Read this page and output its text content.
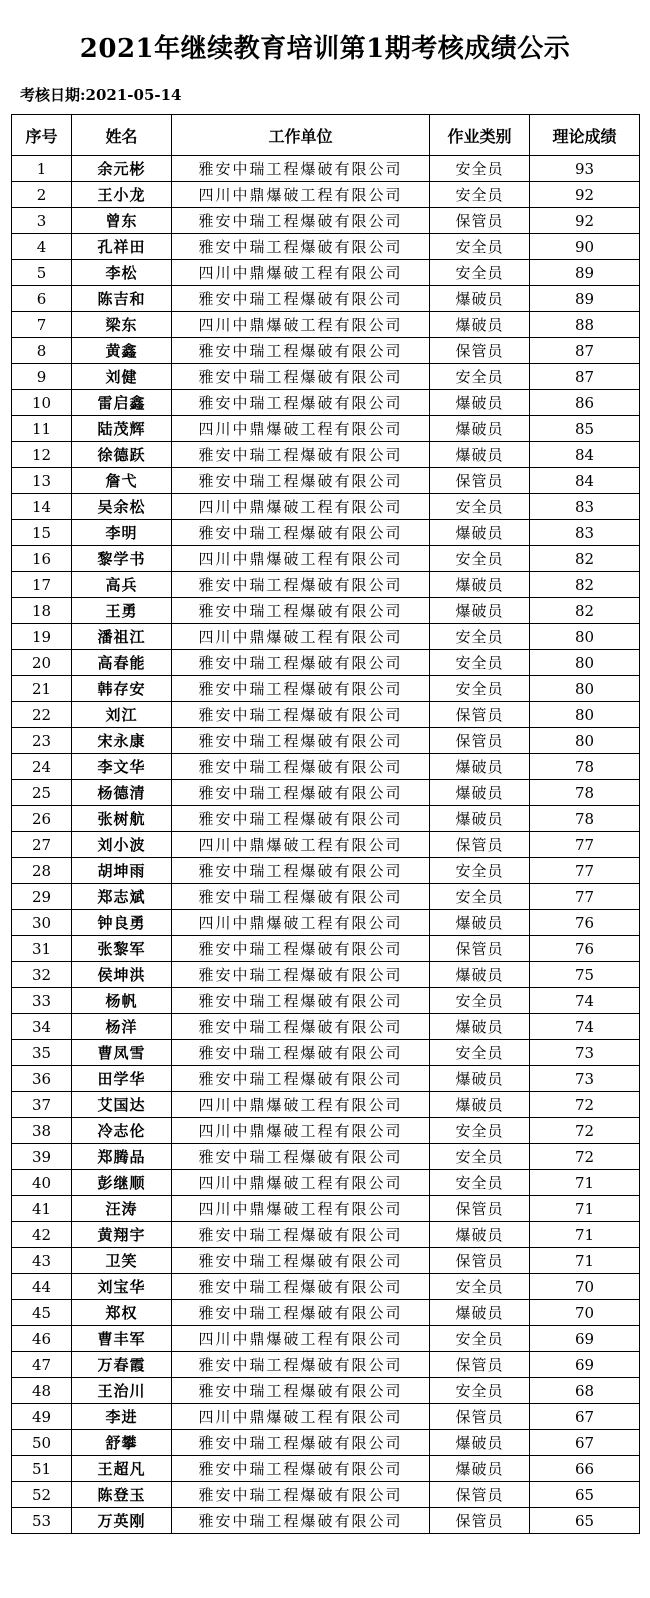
2021年继续教育培训第1期考核成绩公示
考核日期:2021-05-14
序号	姓名	工作单位	作业类别	理论成绩
1	余元彬	雅安中瑞工程爆破有限公司	安全员	93
2	王小龙	四川中鼎爆破工程有限公司	安全员	92
3	曾东	雅安中瑞工程爆破有限公司	保管员	92
4	孔祥田	雅安中瑞工程爆破有限公司	安全员	90
5	李松	四川中鼎爆破工程有限公司	安全员	89
6	陈吉和	雅安中瑞工程爆破有限公司	爆破员	89
7	梁东	四川中鼎爆破工程有限公司	爆破员	88
8	黄鑫	雅安中瑞工程爆破有限公司	保管员	87
9	刘健	雅安中瑞工程爆破有限公司	安全员	87
10	雷启鑫	雅安中瑞工程爆破有限公司	爆破员	86
11	陆茂辉	四川中鼎爆破工程有限公司	爆破员	85
12	徐德跃	雅安中瑞工程爆破有限公司	爆破员	84
13	詹弋	雅安中瑞工程爆破有限公司	保管员	84
14	吴余松	四川中鼎爆破工程有限公司	安全员	83
15	李明	雅安中瑞工程爆破有限公司	爆破员	83
16	黎学书	四川中鼎爆破工程有限公司	安全员	82
17	高兵	雅安中瑞工程爆破有限公司	爆破员	82
18	王勇	雅安中瑞工程爆破有限公司	爆破员	82
19	潘祖江	四川中鼎爆破工程有限公司	安全员	80
20	高春能	雅安中瑞工程爆破有限公司	安全员	80
21	韩存安	雅安中瑞工程爆破有限公司	安全员	80
22	刘江	雅安中瑞工程爆破有限公司	保管员	80
23	宋永康	雅安中瑞工程爆破有限公司	保管员	80
24	李文华	雅安中瑞工程爆破有限公司	爆破员	78
25	杨德清	雅安中瑞工程爆破有限公司	爆破员	78
26	张树航	雅安中瑞工程爆破有限公司	爆破员	78
27	刘小波	四川中鼎爆破工程有限公司	保管员	77
28	胡坤雨	雅安中瑞工程爆破有限公司	安全员	77
29	郑志斌	雅安中瑞工程爆破有限公司	安全员	77
30	钟良勇	四川中鼎爆破工程有限公司	爆破员	76
31	张黎军	雅安中瑞工程爆破有限公司	保管员	76
32	侯坤洪	雅安中瑞工程爆破有限公司	爆破员	75
33	杨帆	雅安中瑞工程爆破有限公司	安全员	74
34	杨洋	雅安中瑞工程爆破有限公司	爆破员	74
35	曹凤雪	雅安中瑞工程爆破有限公司	安全员	73
36	田学华	雅安中瑞工程爆破有限公司	爆破员	73
37	艾国达	四川中鼎爆破工程有限公司	爆破员	72
38	冷志伦	四川中鼎爆破工程有限公司	安全员	72
39	郑腾品	雅安中瑞工程爆破有限公司	安全员	72
40	彭继顺	四川中鼎爆破工程有限公司	安全员	71
41	汪涛	四川中鼎爆破工程有限公司	保管员	71
42	黄翔宇	雅安中瑞工程爆破有限公司	爆破员	71
43	卫笑	雅安中瑞工程爆破有限公司	保管员	71
44	刘宝华	雅安中瑞工程爆破有限公司	安全员	70
45	郑权	雅安中瑞工程爆破有限公司	爆破员	70
46	曹丰军	四川中鼎爆破工程有限公司	安全员	69
47	万春霞	雅安中瑞工程爆破有限公司	保管员	69
48	王治川	雅安中瑞工程爆破有限公司	安全员	68
49	李进	四川中鼎爆破工程有限公司	保管员	67
50	舒攀	雅安中瑞工程爆破有限公司	爆破员	67
51	王超凡	雅安中瑞工程爆破有限公司	爆破员	66
52	陈登玉	雅安中瑞工程爆破有限公司	保管员	65
53	万英刚	雅安中瑞工程爆破有限公司	保管员	65
